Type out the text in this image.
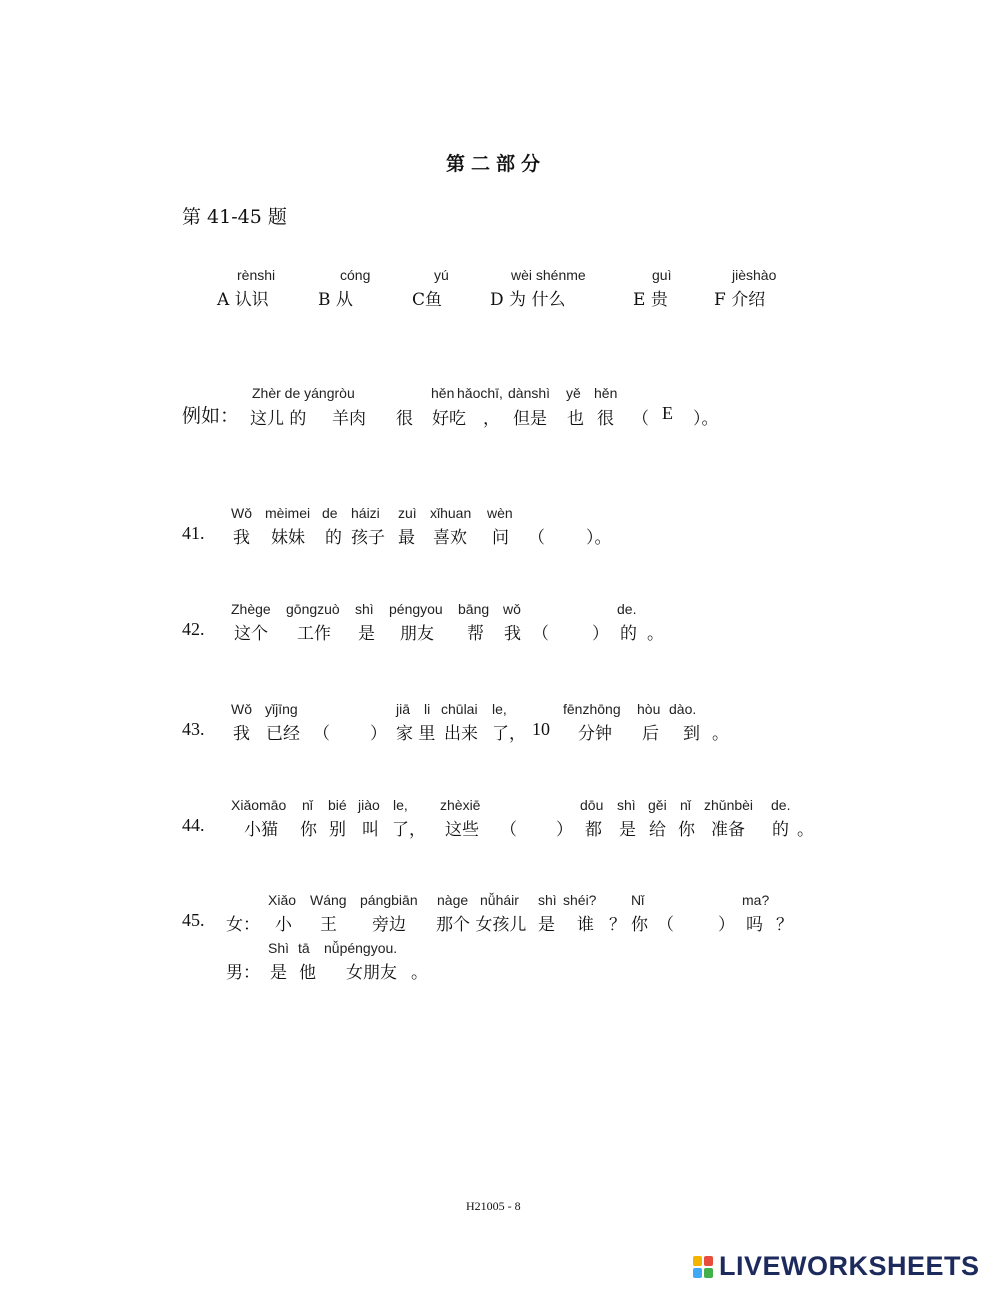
第二部分
第 41-45 题
rènshi
A 认识
cóng
B 从
yú
C鱼
wèi shénme
D 为 什么
guì
E 贵
jièshào
F 介绍
Zhèr de yángròu	hěn hǎochī, dànshì yě hěn
例如： 这儿 的 羊肉 很 好吃 ， 但是 也 很 （ E ）。
Wǒ mèimei de háizi zuì xǐhuan wèn
41. 我 妹妹 的 孩子 最 喜欢 问 （ ）。
Zhège gōngzuò shì péngyou bāng wǒ	de.
42. 这个 工作 是 朋友 帮 我 （	） 的 。
Wǒ yǐjīng	jiā li chūlai le,	fēnzhōng hòu dào.
43. 我 已经 （ ） 家 里 出来 了， 10 分钟 后 到 。
Xiǎomāo nǐ bié jiào le, zhèxiē	dōu shì gěi nǐ zhǔnbèi de.
44. 小猫 你 别 叫 了， 这些 （ ） 都 是 给 你 准备 的 。
Xiǎo Wáng pángbiān nàge nǚháir shì shéi? Nǐ	ma?
45. 女： 小 王 旁边 那个 女孩儿 是 谁 ？ 你 （	） 吗 ？
Shì tā nǚpéngyou.
男： 是 他 女朋友 。
H21005 - 8
LIVEWORKSHEETS
